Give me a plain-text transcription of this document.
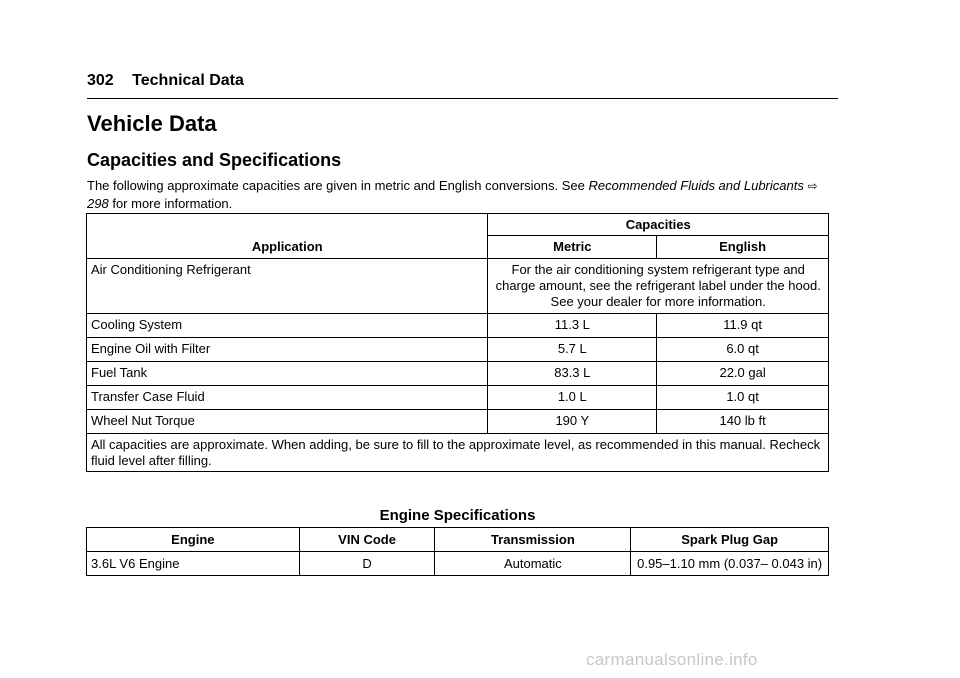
302 Technical Data
Vehicle Data
Capacities and Specifications

The following approximate capacities are given in metric and English conversions. See Recommended Fluids and Lubricants ⇨ 298 for more information.

Application	Capacities	
	Metric	English
Air Conditioning Refrigerant	For the air conditioning system refrigerant type and charge amount, see the refrigerant label under the hood. See your dealer for more information.	
Cooling System	11.3 L	11.9 qt
Engine Oil with Filter	5.7 L	6.0 qt
Fuel Tank	83.3 L	22.0 gal
Transfer Case Fluid	1.0 L	1.0 qt
Wheel Nut Torque	190 Y	140 lb ft
All capacities are approximate. When adding, be sure to fill to the approximate level, as recommended in this manual. Recheck fluid level after filling.		
Engine Specifications
Engine	VIN Code	Transmission	Spark Plug Gap
3.6L V6 Engine	D	Automatic	0.95–1.10 mm (0.037– 0.043 in)
carmanualsonline.info
